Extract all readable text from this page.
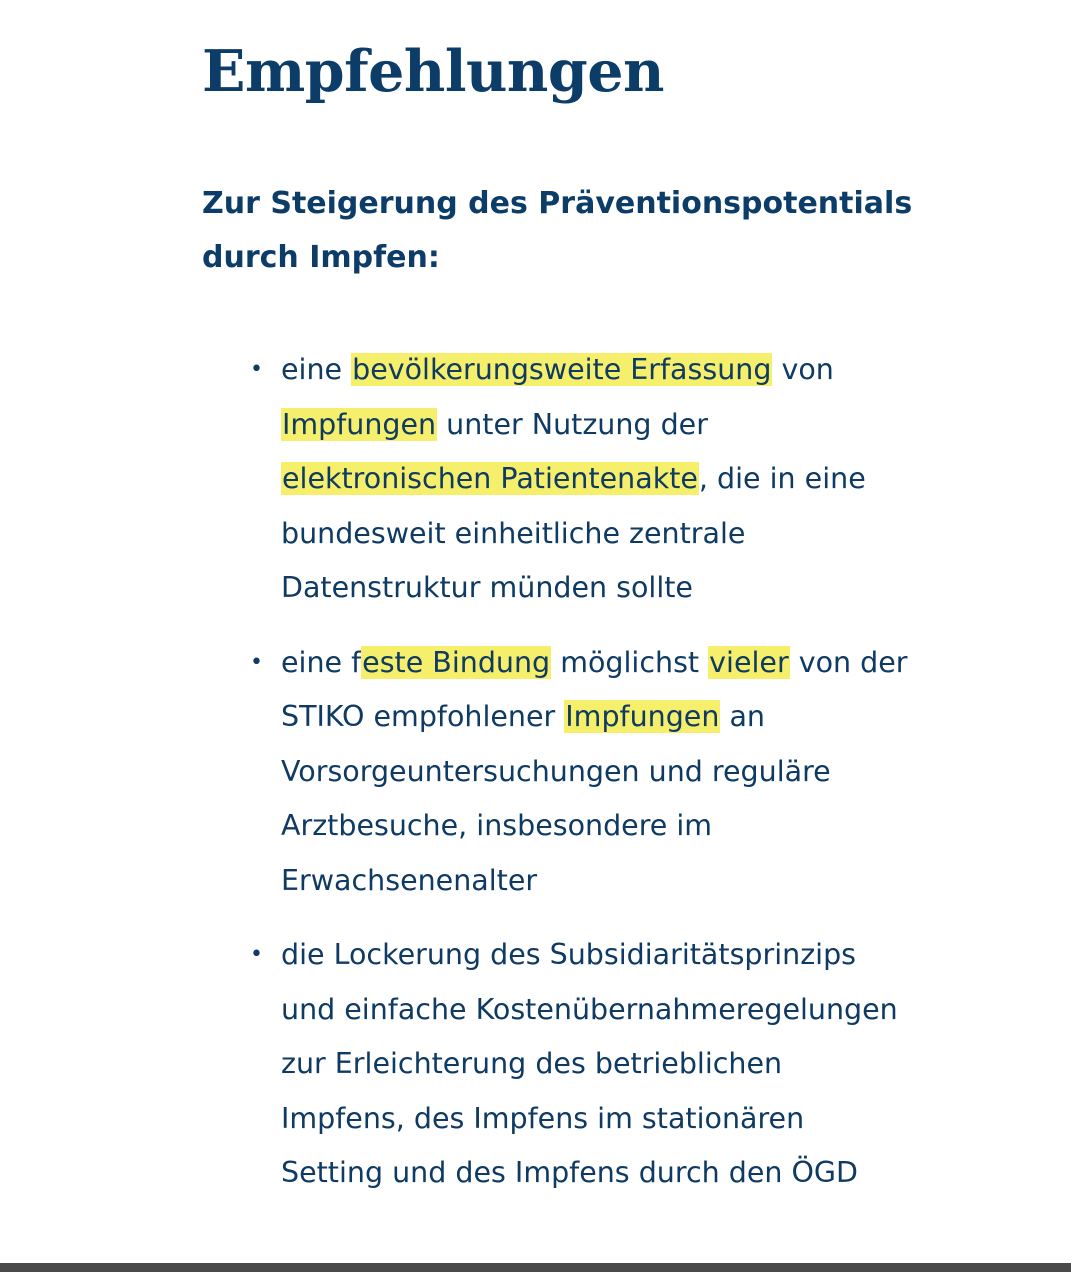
Empfehlungen
Zur Steigerung des Präventionspotentials
durch Impfen:
• eine bevölkerungsweite Erfassung von
Impfungen unter Nutzung der
elektronischen Patientenakte, die in eine
bundesweit einheitliche zentrale
Datenstruktur münden sollte
• eine feste Bindung möglichst vieler von der
STIKO empfohlener Impfungen an
Vorsorgeuntersuchungen und reguläre
Arztbesuche, insbesondere im
Erwachsenenalter
• die Lockerung des Subsidiaritätsprinzips
und einfache Kostenübernahmeregelungen
zur Erleichterung des betrieblichen
Impfens, des Impfens im stationären
Setting und des Impfens durch den ÖGD
